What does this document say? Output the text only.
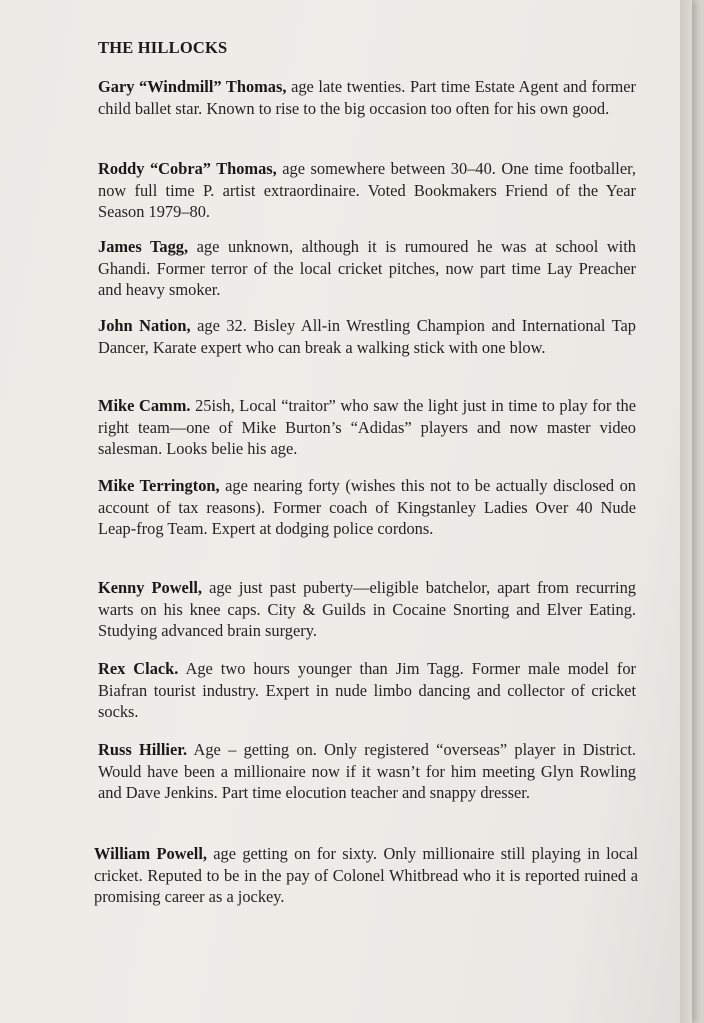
THE HILLOCKS

Gary “Windmill” Thomas, age late twenties. Part time Estate Agent and former child ballet star. Known to rise to the big occasion too often for his own good.

Roddy “Cobra” Thomas, age somewhere between 30–40. One time footballer, now full time P. artist extraordinaire. Voted Bookmakers Friend of the Year Season 1979–80.

James Tagg, age unknown, although it is rumoured he was at school with Ghandi. Former terror of the local cricket pitches, now part time Lay Preacher and heavy smoker.

John Nation, age 32. Bisley All-in Wrestling Champion and International Tap Dancer, Karate expert who can break a walking stick with one blow.

Mike Camm. 25ish, Local “traitor” who saw the light just in time to play for the right team—one of Mike Burton’s “Adidas” players and now master video salesman. Looks belie his age.

Mike Terrington, age nearing forty (wishes this not to be actually disclosed on account of tax reasons). Former coach of Kingstanley Ladies Over 40 Nude Leap-frog Team. Expert at dodging police cordons.

Kenny Powell, age just past puberty—eligible batchelor, apart from recurring warts on his knee caps. City & Guilds in Cocaine Snorting and Elver Eating. Studying advanced brain surgery.

Rex Clack. Age two hours younger than Jim Tagg. Former male model for Biafran tourist industry. Expert in nude limbo dancing and collector of cricket socks.

Russ Hillier. Age – getting on. Only registered “overseas” player in District. Would have been a millionaire now if it wasn’t for him meeting Glyn Rowling and Dave Jenkins. Part time elocution teacher and snappy dresser.

William Powell, age getting on for sixty. Only millionaire still playing in local cricket. Reputed to be in the pay of Colonel Whitbread who it is reported ruined a promising career as a jockey.
